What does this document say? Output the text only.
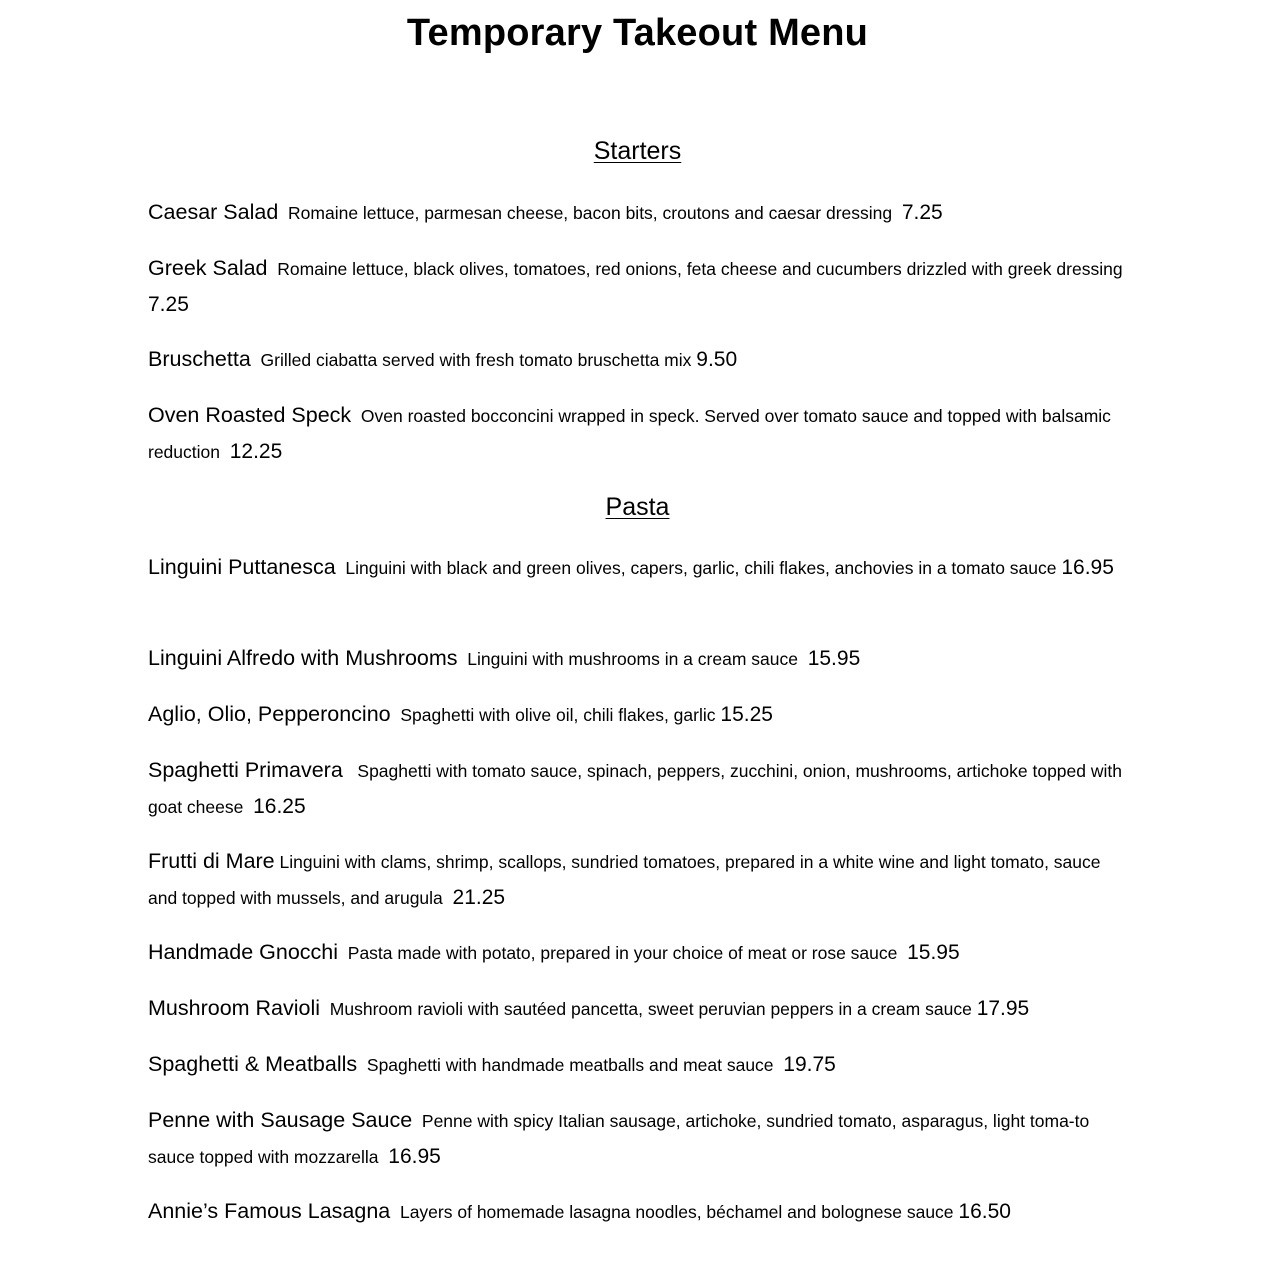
Temporary Takeout Menu
Starters
Caesar Salad Romaine lettuce, parmesan cheese, bacon bits, croutons and caesar dressing 7.25
Greek Salad Romaine lettuce, black olives, tomatoes, red onions, feta cheese and cucumbers drizzled with greek dressing  7.25
Bruschetta Grilled ciabatta served with fresh tomato bruschetta mix 9.50
Oven Roasted Speck Oven roasted bocconcini wrapped in speck. Served over tomato sauce and topped with balsamic reduction 12.25
Pasta
Linguini Puttanesca Linguini with black and green olives, capers, garlic, chili flakes, anchovies in a tomato sauce 16.95
Linguini Alfredo with Mushrooms Linguini with mushrooms in a cream sauce 15.95
Aglio, Olio, Pepperoncino Spaghetti with olive oil, chili flakes, garlic 15.25
Spaghetti Primavera Spaghetti with tomato sauce, spinach, peppers, zucchini, onion, mushrooms, artichoke topped with goat cheese 16.25
Frutti di Mare Linguini with clams, shrimp, scallops, sundried tomatoes, prepared in a white wine and light tomato, sauce and topped with mussels, and arugula 21.25
Handmade Gnocchi Pasta made with potato, prepared in your choice of meat or rose sauce 15.95
Mushroom Ravioli Mushroom ravioli with sautéed pancetta, sweet peruvian peppers in a cream sauce 17.95
Spaghetti & Meatballs Spaghetti with handmade meatballs and meat sauce 19.75
Penne with Sausage Sauce Penne with spicy Italian sausage, artichoke, sundried tomato, asparagus, light toma-to sauce topped with mozzarella 16.95
Annie’s Famous Lasagna Layers of homemade lasagna noodles, béchamel and bolognese sauce 16.50
